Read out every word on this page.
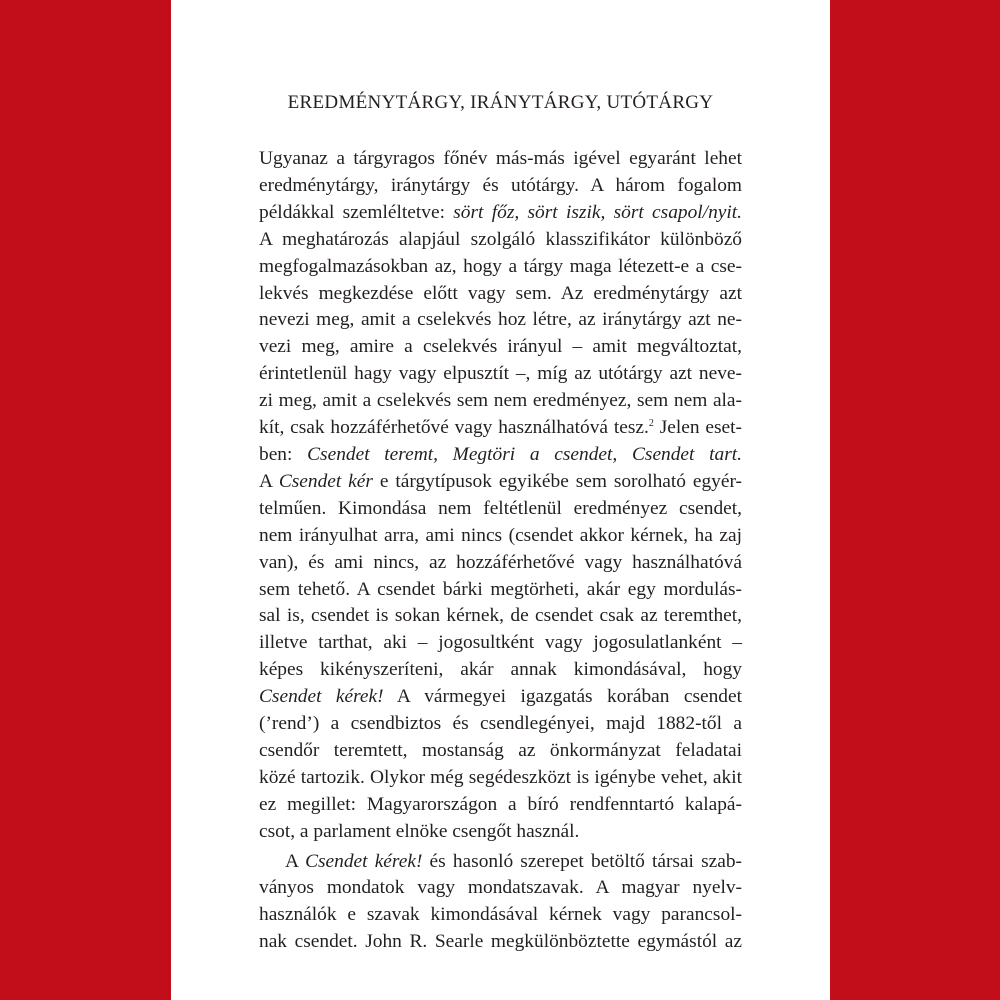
EREDMÉNYTÁRGY, IRÁNYTÁRGY, UTÓTÁRGY
Ugyanaz a tárgyragos főnév más-más igével egyaránt lehet
eredménytárgy, iránytárgy és utótárgy. A három fogalom
példákkal szemléltetve: sört főz, sört iszik, sört csapol/nyit.
A meghatározás alapjául szolgáló klasszifikátor különböző
megfogalmazásokban az, hogy a tárgy maga létezett-e a cse-
lekvés megkezdése előtt vagy sem. Az eredménytárgy azt
nevezi meg, amit a cselekvés hoz létre, az iránytárgy azt ne-
vezi meg, amire a cselekvés irányul – amit megváltoztat,
érintetlenül hagy vagy elpusztít –, míg az utótárgy azt neve-
zi meg, amit a cselekvés sem nem eredményez, sem nem ala-
kít, csak hozzáférhetővé vagy használhatóvá tesz.$^2$ Jelen eset-
ben: Csendet teremt, Megtöri a csendet, Csendet tart.
A Csendet kér e tárgytípusok egyikébe sem sorolható egyér-
telműen. Kimondása nem feltétlenül eredményez csendet,
nem irányulhat arra, ami nincs (csendet akkor kérnek, ha zaj
van), és ami nincs, az hozzáférhetővé vagy használhatóvá
sem tehető. A csendet bárki megtörheti, akár egy mordulás-
sal is, csendet is sokan kérnek, de csendet csak az teremthet,
illetve tarthat, aki – jogosultként vagy jogosulatlanként –
képes kikényszeríteni, akár annak kimondásával, hogy
Csendet kérek! A vármegyei igazgatás korában csendet
(’rend’) a csendbiztos és csendlegényei, majd 1882-től a
csendőr teremtett, mostanság az önkormányzat feladatai
közé tartozik. Olykor még segédeszközt is igénybe vehet, akit
ez megillet: Magyarországon a bíró rendfenntartó kalapá-
csot, a parlament elnöke csengőt használ.
A Csendet kérek! és hasonló szerepet betöltő társai szab-
ványos mondatok vagy mondatszavak. A magyar nyelv-
használók e szavak kimondásával kérnek vagy parancsol-
nak csendet. John R. Searle megkülönböztette egymástól az
